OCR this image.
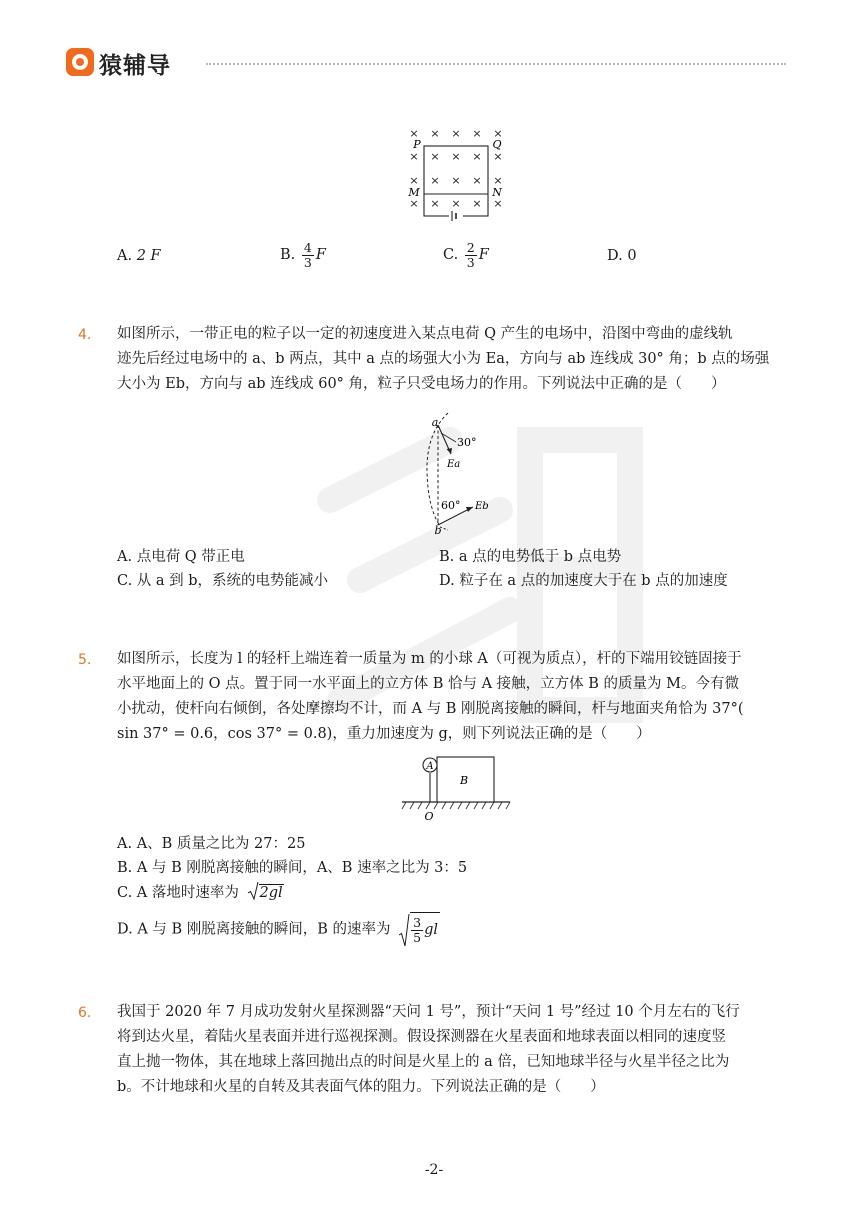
猿辅导
× × × × ×
× × × × ×
× × × × ×
× × × × ×
P	Q
M	N
A. 2 F	B. $\frac{4}{3}$ F	C. $\frac{2}{3}$ F	D. 0
4. 如图所示，一带正电的粒子以一定的初速度进入某点电荷 Q 产生的电场中，沿图中弯曲的虚线轨
迹先后经过电场中的 a、b 两点，其中 a 点的场强大小为 Ea，方向与 ab 连线成 30° 角；b 点的场强
大小为 Eb，方向与 ab 连线成 60° 角，粒子只受电场力的作用。下列说法中正确的是（　　）
a
b
30°
60°
Ea
Eb
A. 点电荷 Q 带正电	B. a 点的电势低于 b 点电势
C. 从 a 到 b，系统的电势能减小	D. 粒子在 a 点的加速度大于在 b 点的加速度
5. 如图所示，长度为 l 的轻杆上端连着一质量为 m 的小球 A（可视为质点），杆的下端用铰链固接于
水平地面上的 O 点。置于同一水平面上的立方体 B 恰与 A 接触，立方体 B 的质量为 M。今有微
小扰动，使杆向右倾倒，各处摩擦均不计，而 A 与 B 刚脱离接触的瞬间，杆与地面夹角恰为 37°(
sin 37° = 0.6，cos 37° = 0.8)，重力加速度为 g，则下列说法正确的是（　　）
A
B
O
A. A、B 质量之比为 27：25
B. A 与 B 刚脱离接触的瞬间，A、B 速率之比为 3：5
C. A 落地时速率为 2gl
D. A 与 B 刚脱离接触的瞬间，B 的速率为 $\frac{3}{5}$ gl
6. 我国于 2020 年 7 月成功发射火星探测器“天问 1 号”，预计“天问 1 号”经过 10 个月左右的飞行
将到达火星，着陆火星表面并进行巡视探测。假设探测器在火星表面和地球表面以相同的速度竖
直上抛一物体，其在地球上落回抛出点的时间是火星上的 a 倍，已知地球半径与火星半径之比为
b。不计地球和火星的自转及其表面气体的阻力。下列说法正确的是（　　）
-2-
